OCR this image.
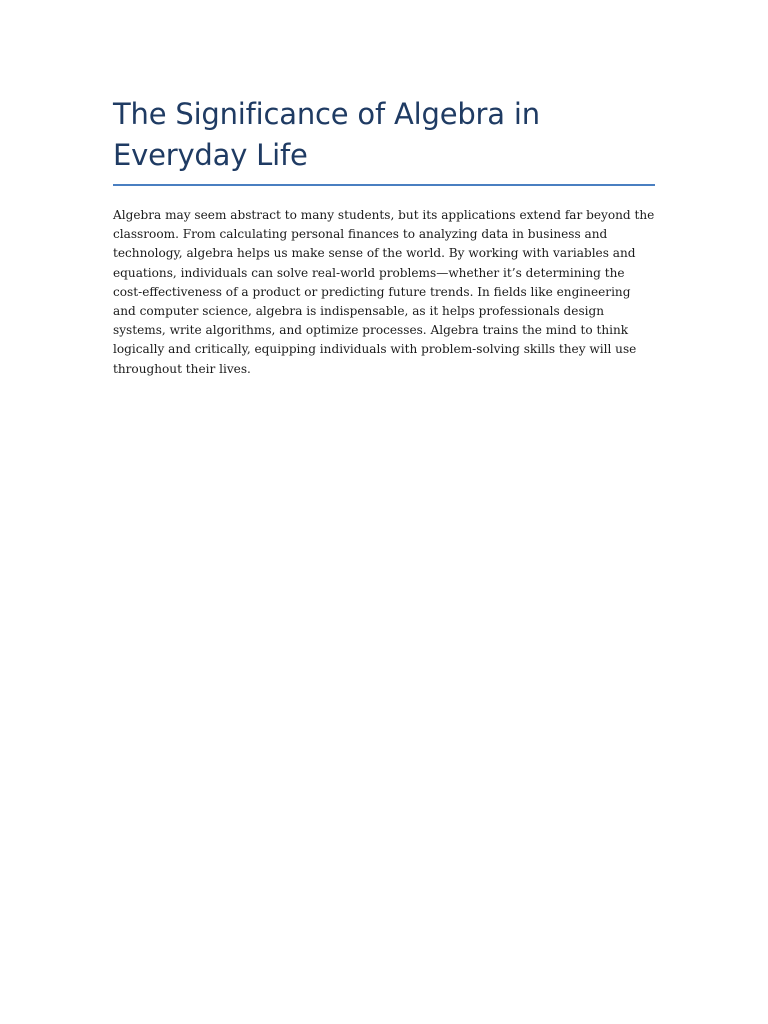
The Significance of Algebra in Everyday Life

Algebra may seem abstract to many students, but its applications extend far beyond the classroom. From calculating personal finances to analyzing data in business and technology, algebra helps us make sense of the world. By working with variables and equations, individuals can solve real-world problems—whether it’s determining the cost-effectiveness of a product or predicting future trends. In fields like engineering and computer science, algebra is indispensable, as it helps professionals design systems, write algorithms, and optimize processes. Algebra trains the mind to think logically and critically, equipping individuals with problem-solving skills they will use throughout their lives.
